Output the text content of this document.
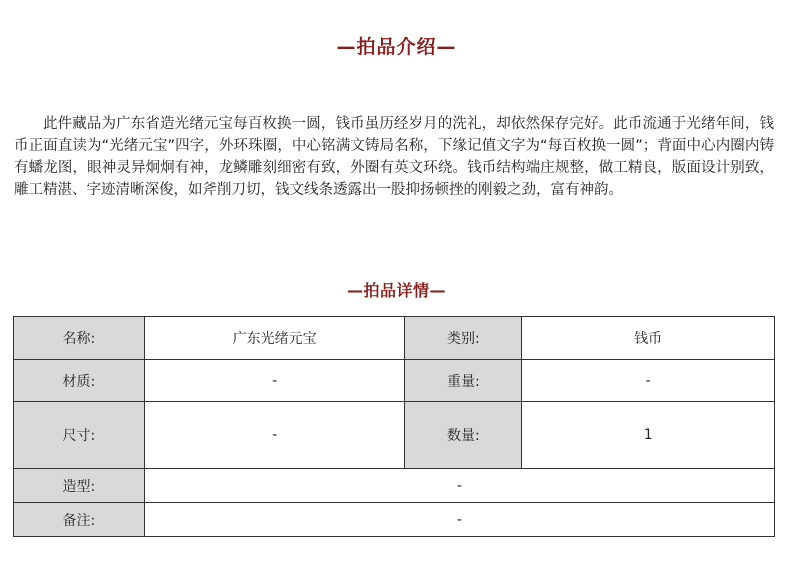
—拍品介绍—

此件藏品为广东省造光绪元宝每百枚换一圆，钱币虽历经岁月的洗礼，却依然保存完好。此币流通于光绪年间，钱币正面直读为“光绪元宝”四字，外环珠圈，中心铭满文铸局名称，下缘记值文字为“每百枚换一圆”；背面中心内圈内铸有蟠龙图，眼神灵异炯炯有神，龙鳞雕刻细密有致，外圈有英文环绕。钱币结构端庄规整，做工精良，版面设计别致，雕工精湛、字迹清晰深俊，如斧削刀切，钱文线条透露出一股抑扬顿挫的刚毅之劲，富有神韵。

—拍品详情—
名称:	广东光绪元宝	类别:	钱币
材质:	-	重量:	-
尺寸:	-	数量:	1
造型:	-		
备注:	-		
